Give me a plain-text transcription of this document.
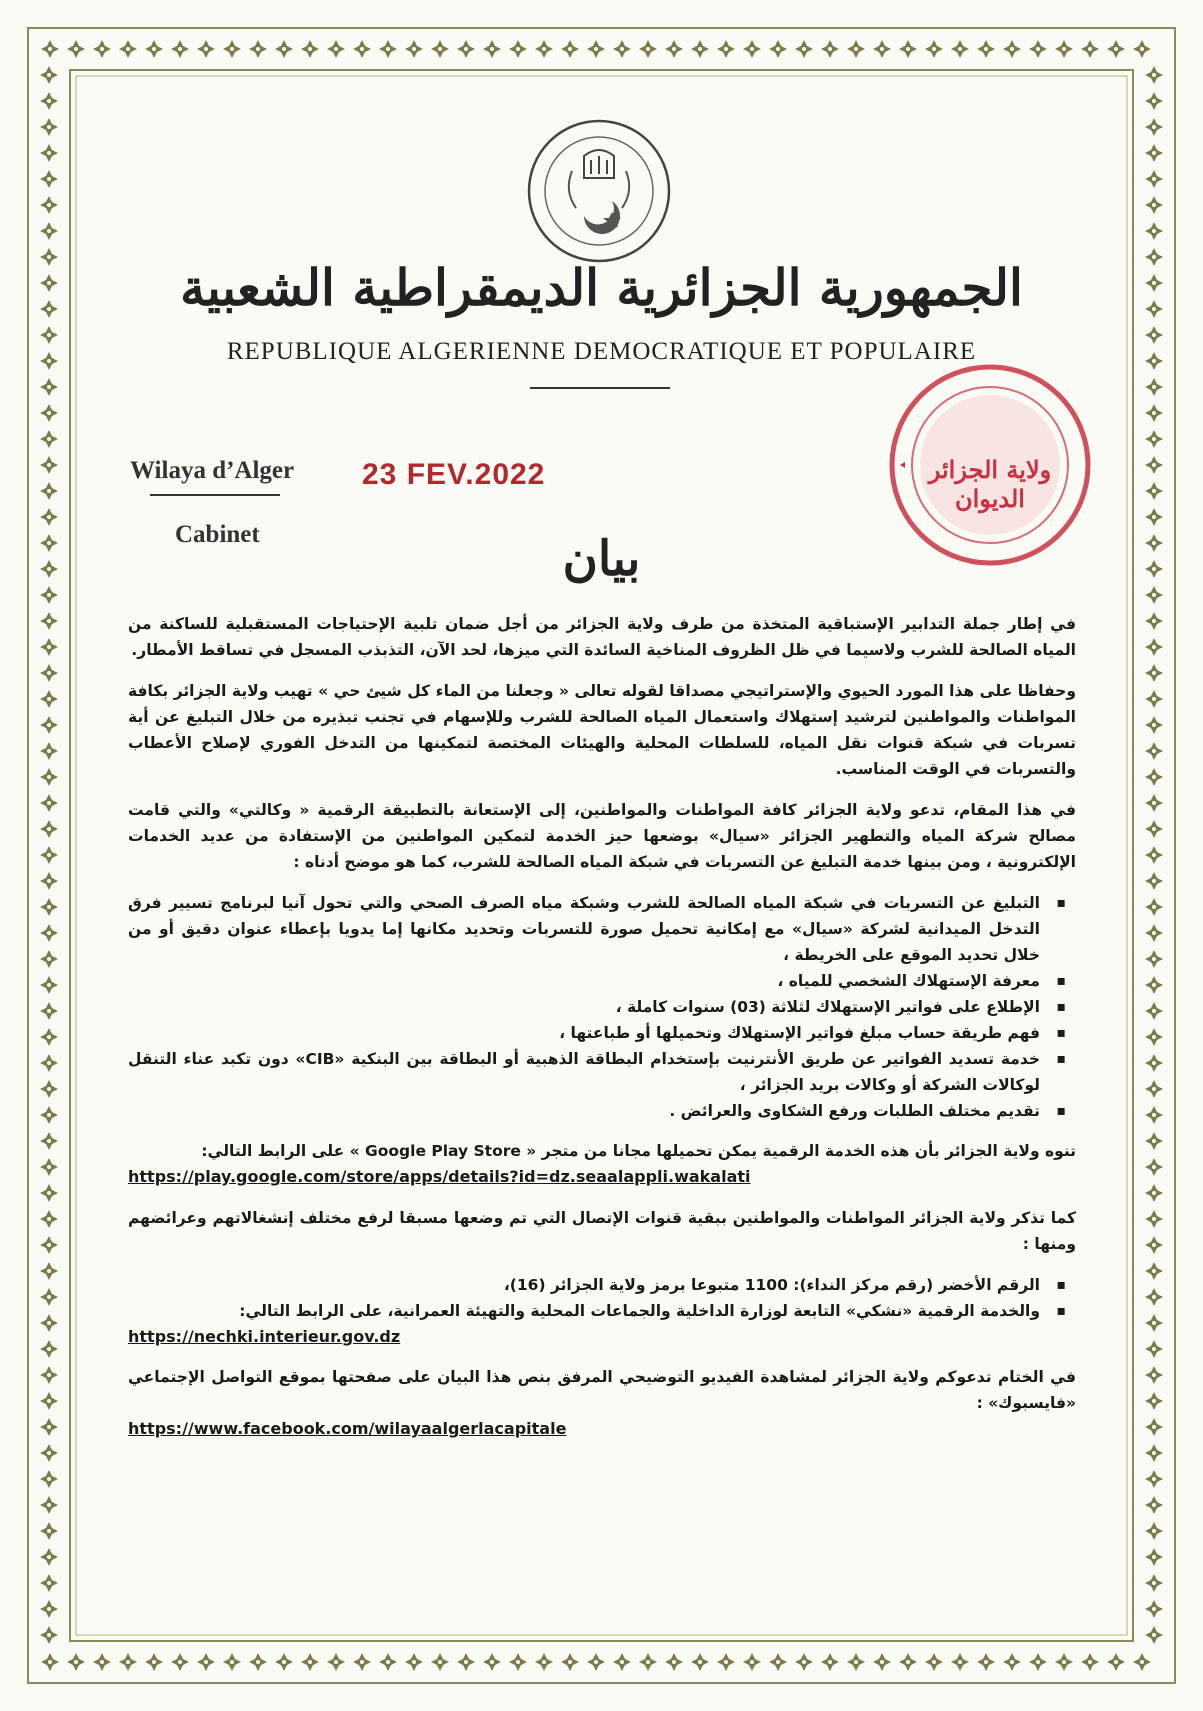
الجمهورية الجزائرية الديمقراطية الشعبية
REPUBLIQUE ALGERIENNE DEMOCRATIQUE ET POPULAIRE
Wilaya d’Alger 23 FEV.2022
Cabinet
ولاية الجزائر الديوان
بيان

في إطار جملة التدابير الإستباقية المتخذة من طرف ولاية الجزائر من أجل ضمان تلبية الإحتياجات المستقبلية للساكنة من المياه الصالحة للشرب ولاسيما في ظل الظروف المناخية السائدة التي ميزها، لحد الآن، التذبذب المسجل في تساقط الأمطار.

وحفاظا على هذا المورد الحيوي والإستراتيجي مصداقا لقوله تعالى « وجعلنا من الماء كل شيئ حي » تهيب ولاية الجزائر بكافة المواطنات والمواطنين لترشيد إستهلاك واستعمال المياه الصالحة للشرب وللإسهام في تجنب تبذيره من خلال التبليغ عن أية تسربات في شبكة قنوات نقل المياه، للسلطات المحلية والهيئات المختصة لتمكينها من التدخل الفوري لإصلاح الأعطاب والتسربات في الوقت المناسب.

في هذا المقام، تدعو ولاية الجزائر كافة المواطنات والمواطنين، إلى الإستعانة بالتطبيقة الرقمية « وكالتي» والتي قامت مصالح شركة المياه والتطهير الجزائر «سيال» بوضعها حيز الخدمة لتمكين المواطنين من الإستفادة من عديد الخدمات الإلكترونية ، ومن بينها خدمة التبليغ عن التسربات في شبكة المياه الصالحة للشرب، كما هو موضح أدناه :

▪ التبليغ عن التسربات في شبكة المياه الصالحة للشرب وشبكة مياه الصرف الصحي والتي تحول آنيا لبرنامج تسيير فرق التدخل الميدانية لشركة «سيال» مع إمكانية تحميل صورة للتسربات وتحديد مكانها إما يدويا بإعطاء عنوان دقيق أو من خلال تحديد الموقع على الخريطة ،
▪ معرفة الإستهلاك الشخصي للمياه ،
▪ الإطلاع على فواتير الإستهلاك لثلاثة (03) سنوات كاملة ،
▪ فهم طريقة حساب مبلغ فواتير الإستهلاك وتحميلها أو طباعتها ،
▪ خدمة تسديد الفواتير عن طريق الأنترنيت بإستخدام البطاقة الذهبية أو البطاقة بين البنكية «CIB» دون تكبد عناء التنقل لوكالات الشركة أو وكالات بريد الجزائر ،
▪ تقديم مختلف الطلبات ورفع الشكاوى والعرائض .

تنوه ولاية الجزائر بأن هذه الخدمة الرقمية يمكن تحميلها مجانا من متجر « Google Play Store » على الرابط التالي:
https://play.google.com/store/apps/details?id=dz.seaalappli.wakalati

كما تذكر ولاية الجزائر المواطنات والمواطنين ببقية قنوات الإتصال التي تم وضعها مسبقا لرفع مختلف إنشغالاتهم وعرائضهم ومنها :

▪ الرقم الأخضر (رقم مركز النداء): 1100 متبوعا برمز ولاية الجزائر (16)،
▪ والخدمة الرقمية «نشكي» التابعة لوزارة الداخلية والجماعات المحلية والتهيئة العمرانية، على الرابط التالي:
https://nechki.interieur.gov.dz

في الختام تدعوكم ولاية الجزائر لمشاهدة الفيديو التوضيحي المرفق بنص هذا البيان على صفحتها بموقع التواصل الإجتماعي «فايسبوك» :
https://www.facebook.com/wilayaalgerlacapitale
